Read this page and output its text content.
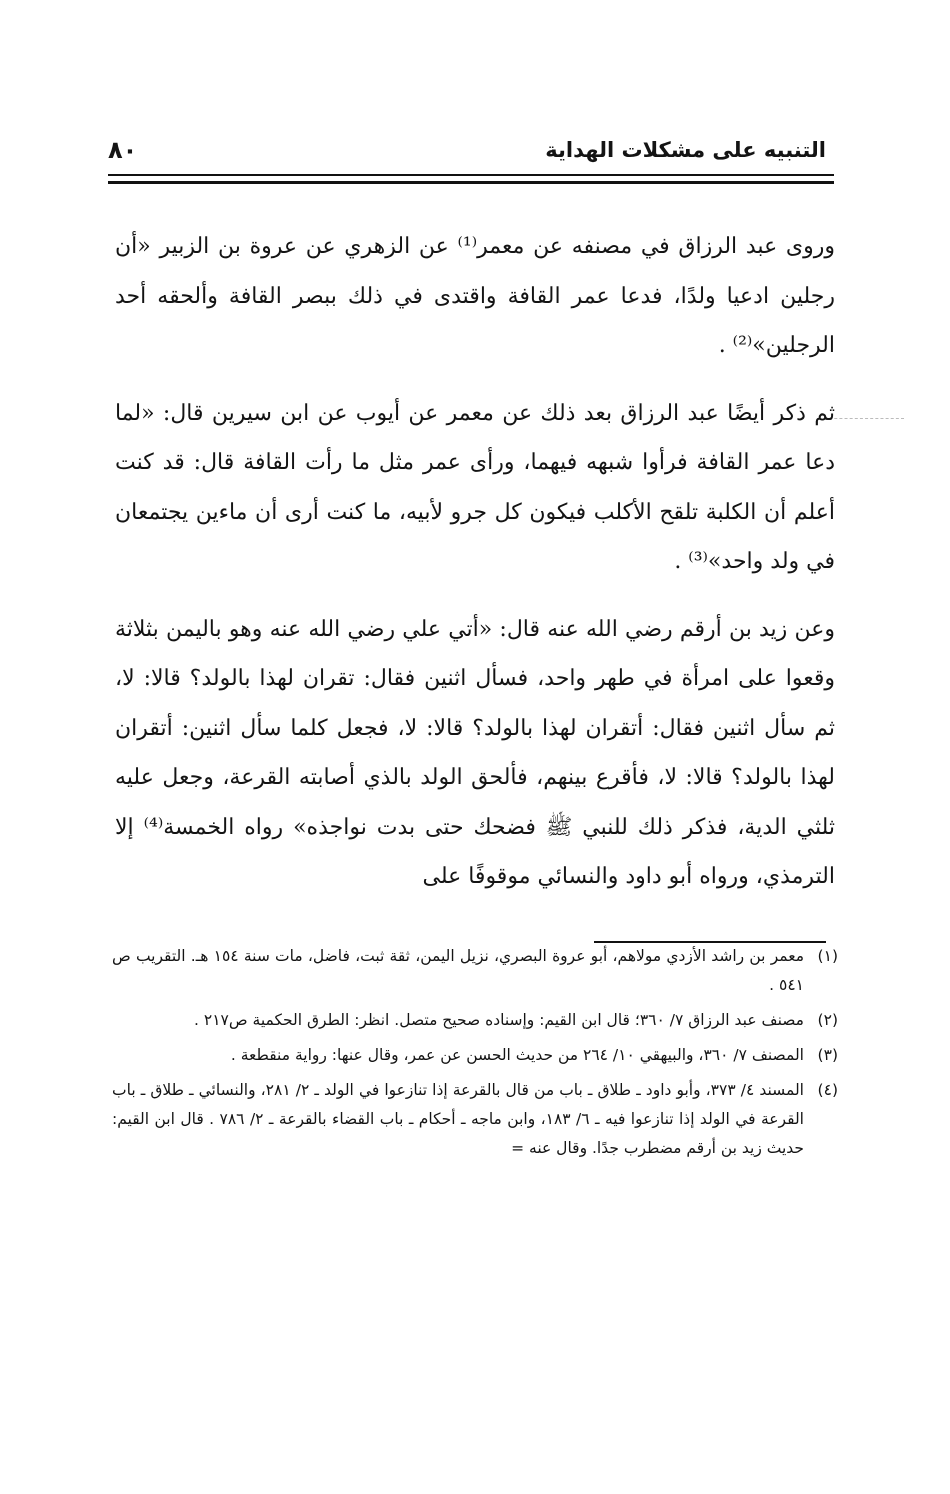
التنبيه على مشكلات الهداية
٨٠

وروى عبد الرزاق في مصنفه عن معمر⁽¹⁾ عن الزهري عن عروة بن الزبير «أن رجلين ادعيا ولدًا، فدعا عمر القافة واقتدى في ذلك ببصر القافة وألحقه أحد الرجلين»⁽²⁾ .

ثم ذكر أيضًا عبد الرزاق بعد ذلك عن معمر عن أيوب عن ابن سيرين قال: «لما دعا عمر القافة فرأوا شبهه فيهما، ورأى عمر مثل ما رأت القافة قال: قد كنت أعلم أن الكلبة تلقح الأكلب فيكون كل جرو لأبيه، ما كنت أرى أن ماءين يجتمعان في ولد واحد»⁽³⁾ .

وعن زيد بن أرقم رضي الله عنه قال: «أتي علي رضي الله عنه وهو باليمن بثلاثة وقعوا على امرأة في طهر واحد، فسأل اثنين فقال: تقران لهذا بالولد؟ قالا: لا، ثم سأل اثنين فقال: أتقران لهذا بالولد؟ قالا: لا، فجعل كلما سأل اثنين: أتقران لهذا بالولد؟ قالا: لا، فأقرع بينهم، فألحق الولد بالذي أصابته القرعة، وجعل عليه ثلثي الدية، فذكر ذلك للنبي ﷺ فضحك حتى بدت نواجذه» رواه الخمسة⁽⁴⁾ إلا الترمذي، ورواه أبو داود والنسائي موقوفًا على

(١)
معمر بن راشد الأزدي مولاهم، أبو عروة البصري، نزيل اليمن، ثقة ثبت، فاضل، مات سنة ١٥٤ هـ. التقريب ص ٥٤١ .
(٢)
مصنف عبد الرزاق ٧/ ٣٦٠؛ قال ابن القيم: وإسناده صحيح متصل. انظر: الطرق الحكمية ص٢١٧ .
(٣)
المصنف ٧/ ٣٦٠، والبيهقي ١٠/ ٢٦٤ من حديث الحسن عن عمر، وقال عنها: رواية منقطعة .
(٤)
المسند ٤/ ٣٧٣، وأبو داود ـ طلاق ـ باب من قال بالقرعة إذا تنازعوا في الولد ـ ٢/ ٢٨١، والنسائي ـ طلاق ـ باب القرعة في الولد إذا تنازعوا فيه ـ ٦/ ١٨٣، وابن ماجه ـ أحكام ـ باب القضاء بالقرعة ـ ٢/ ٧٨٦ . قال ابن القيم: حديث زيد بن أرقم مضطرب جدًا. وقال عنه =
